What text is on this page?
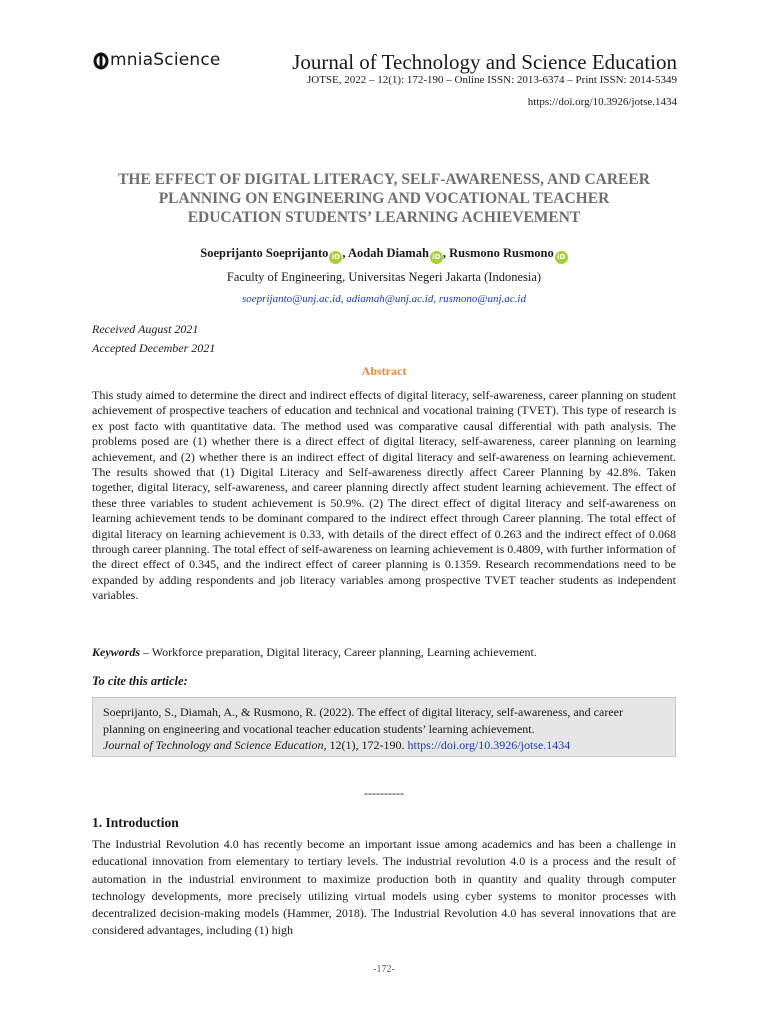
mniaScience	Journal of Technology and Science Education
JOTSE, 2022 – 12(1): 172-190 – Online ISSN: 2013-6374 – Print ISSN: 2014-5349
https://doi.org/10.3926/jotse.1434
THE EFFECT OF DIGITAL LITERACY, SELF-AWARENESS, AND CAREER
PLANNING ON ENGINEERING AND VOCATIONAL TEACHER
EDUCATION STUDENTS’ LEARNING ACHIEVEMENT
Soeprijanto Soeprijanto iD , Aodah Diamah iD , Rusmono Rusmono iD
Faculty of Engineering, Universitas Negeri Jakarta (Indonesia)
soeprijanto@unj.ac.id, adiamah@unj.ac.id, rusmono@unj.ac.id
Received August 2021
Accepted December 2021
Abstract
This study aimed to determine the direct and indirect effects of digital literacy, self-awareness, career planning on student achievement of prospective teachers of education and technical and vocational training (TVET). This type of research is ex post facto with quantitative data. The method used was comparative causal differential with path analysis. The problems posed are (1) whether there is a direct effect of digital literacy, self-awareness, career planning on learning achievement, and (2) whether there is an indirect effect of digital literacy and self-awareness on learning achievement. The results showed that (1) Digital Literacy and Self-awareness directly affect Career Planning by 42.8%. Taken together, digital literacy, self-awareness, and career planning directly affect student learning achievement. The effect of these three variables to student achievement is 50.9%. (2) The direct effect of digital literacy and self-awareness on learning achievement tends to be dominant compared to the indirect effect through Career planning. The total effect of digital literacy on learning achievement is 0.33, with details of the direct effect of 0.263 and the indirect effect of 0.068 through career planning. The total effect of self-awareness on learning achievement is 0.4809, with further information of the direct effect of 0.345, and the indirect effect of career planning is 0.1359. Research recommendations need to be expanded by adding respondents and job literacy variables among prospective TVET teacher students as independent variables.
Keywords – Workforce preparation, Digital literacy, Career planning, Learning achievement.
To cite this article:
Soeprijanto, S., Diamah, A., & Rusmono, R. (2022). The effect of digital literacy, self-awareness, and career planning on engineering and vocational teacher education students’ learning achievement.
Journal of Technology and Science Education, 12(1), 172-190. https://doi.org/10.3926/jotse.1434
----------
1. Introduction
The Industrial Revolution 4.0 has recently become an important issue among academics and has been a challenge in educational innovation from elementary to tertiary levels. The industrial revolution 4.0 is a process and the result of automation in the industrial environment to maximize production both in quantity and quality through computer technology developments, more precisely utilizing virtual models using cyber systems to monitor processes with decentralized decision-making models (Hammer, 2018). The Industrial Revolution 4.0 has several innovations that are considered advantages, including (1) high
-172-
